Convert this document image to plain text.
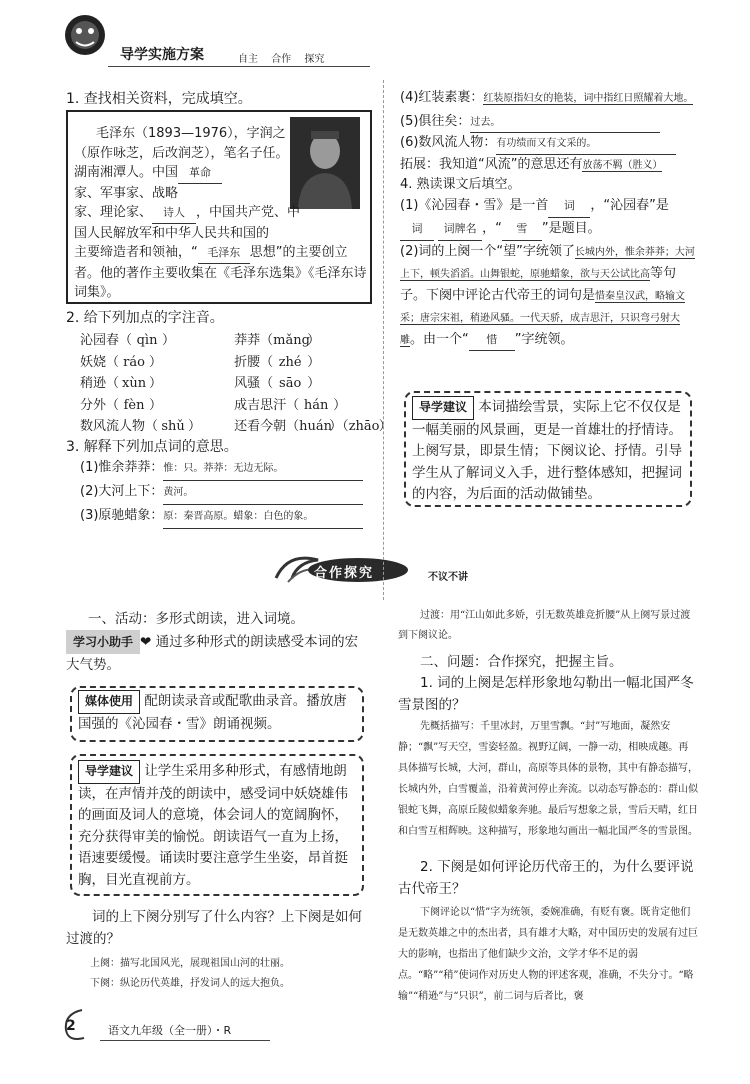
导学实施方案	自主 合作 探究
1. 查找相关资料，完成填空。
毛泽东（1893—1976），字润之
（原作咏芝，后改润芝），笔名子任。
湖南湘潭人。中国 革命
家、军事家、战略
家、理论家、 诗人 ，中国共产党、中
国人民解放军和中华人民共和国的
主要缔造者和领袖，“ 毛泽东 思想”的主要创立
者。他的著作主要收集在《毛泽东选集》《毛泽东诗
词集》。
2. 给下列加点的字注音。
沁园春（ qìn ）	莽莽（mǎng）
妖娆（ ráo ）	折腰（ zhé ）
稍逊（ xùn ）	风骚（ sāo ）
分外（ fèn ）	成吉思汗（ hán ）
数风流人物（ shǔ ）	还看今朝（huán）（zhāo）
3. 解释下列加点词的意思。
(1)惟余莽莽：惟：只。莽莽：无边无际。
(2)大河上下：黄河。
(3)原驰蜡象：原：秦晋高原。蜡象：白色的象。
(4)红装素裹：红装原指妇女的艳装，词中指红日照耀着大地。
(5)俱往矣：过去。
(6)数风流人物：有功绩而又有文采的。
拓展：我知道“风流”的意思还有放荡不羁（胜义）
4. 熟读课文后填空。
(1)《沁园春・雪》是一首 词 ，“沁园春”是词 词牌名 ，“ 雪 ”是题目。
(2)词的上阕一个“望”字统领了长城内外，惟余莽莽；大河上下，顿失滔滔。山舞银蛇，原驰蜡象，欲与天公试比高等句子。下阕中评论古代帝王的词句是惜秦皇汉武，略输文采；唐宗宋祖，稍逊风骚。一代天骄，成吉思汗，只识弯弓射大雕。由一个“ 惜 ”字统领。
导学建议 本词描绘雪景，实际上它不仅仅是一幅美丽的风景画，更是一首雄壮的抒情诗。上阕写景，即景生情；下阕议论、抒情。引导学生从了解词义入手，进行整体感知，把握词的内容，为后面的活动做铺垫。
合作探究	不议不讲
一、活动：多形式朗读，进入词境。
学习小助手 ❤ 通过多种形式的朗读感受本词的宏大气势。
媒体使用 配朗读录音或配歌曲录音。播放唐国强的《沁园春・雪》朗诵视频。
导学建议 让学生采用多种形式，有感情地朗读，在声情并茂的朗读中，感受词中妖娆雄伟的画面及词人的意境，体会词人的宽阔胸怀，充分获得审美的愉悦。朗读语气一直为上扬，语速要缓慢。诵读时要注意学生坐姿，昂首挺胸，目光直视前方。
词的上下阕分别写了什么内容？上下阕是如何过渡的？
上阕：描写北国风光，展现祖国山河的壮丽。
下阕：纵论历代英雄，抒发词人的远大抱负。
过渡：用“江山如此多娇，引无数英雄竞折腰”从上阕写景过渡到下阕议论。
二、问题：合作探究，把握主旨。
1. 词的上阕是怎样形象地勾勒出一幅北国严冬雪景图的？
先概括描写：千里冰封，万里雪飘。“封”写地面，凝然安静；“飘”写天空，雪姿轻盈。视野辽阔，一静一动，相映成趣。再具体描写长城，大河，群山，高原等具体的景物，其中有静态描写，长城内外，白雪覆盖，沿着黄河停止奔流。以动态写静态的：群山似银蛇飞舞，高原丘陵似蜡象奔驰。最后写想象之景，雪后天晴，红日和白雪互相辉映。这种描写，形象地勾画出一幅北国严冬的雪景图。
2. 下阕是如何评论历代帝王的，为什么要评说古代帝王？
下阕评论以“惜”字为统领，委婉准确，有贬有褒。既肯定他们是无数英雄之中的杰出者，具有雄才大略，对中国历史的发展有过巨大的影响，也指出了他们缺少文治，文学才华不足的弱点。“略”“稍”使词作对历史人物的评述客观，准确，不失分寸。“略输”“稍逊”与“只识”，前二词与后者比，褒
2	语文九年级（全一册）・R
